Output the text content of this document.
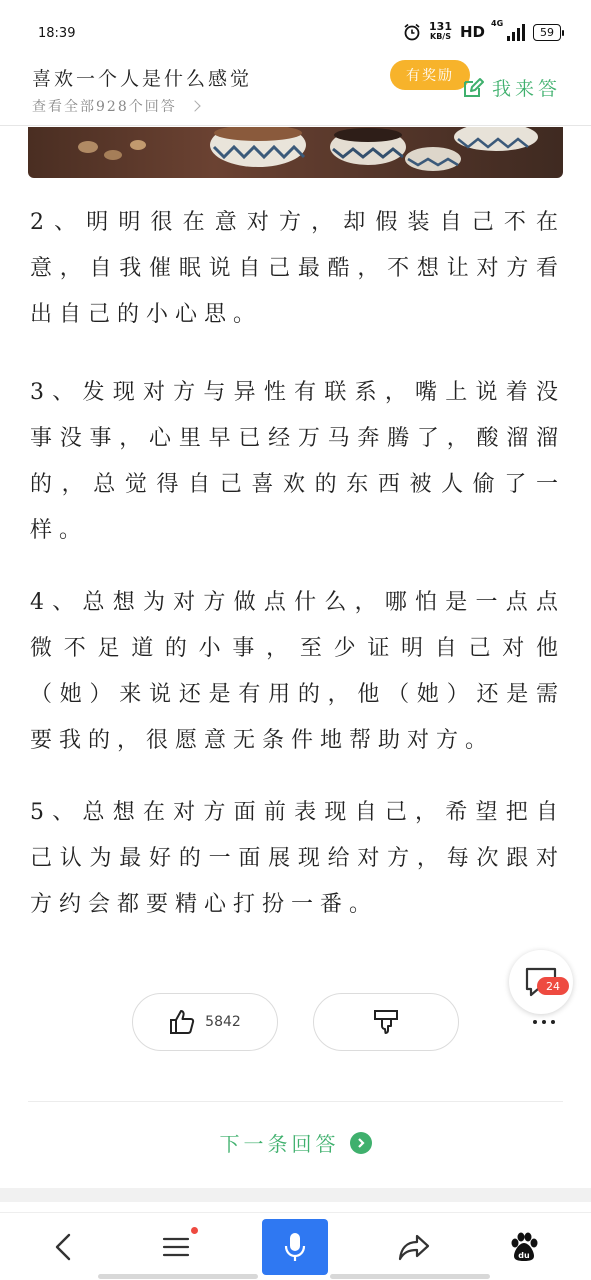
18:39	131
KB/S HD 4G
59
喜欢一个人是什么感觉
查看全部928个回答
有奖励
我来答

2、明明很在意对方，却假装自己不在意，自我催眠说自己最酷，不想让对方看出自己的小心思。

3、发现对方与异性有联系，嘴上说着没事没事，心里早已经万马奔腾了，酸溜溜的，总觉得自己喜欢的东西被人偷了一样。

4、总想为对方做点什么，哪怕是一点点微不足道的小事，至少证明自己对他（她）来说还是有用的，他（她）还是需要我的，很愿意无条件地帮助对方。

5、总想在对方面前表现自己，希望把自己认为最好的一面展现给对方，每次跟对方约会都要精心打扮一番。

24
5842
下一条回答
du
